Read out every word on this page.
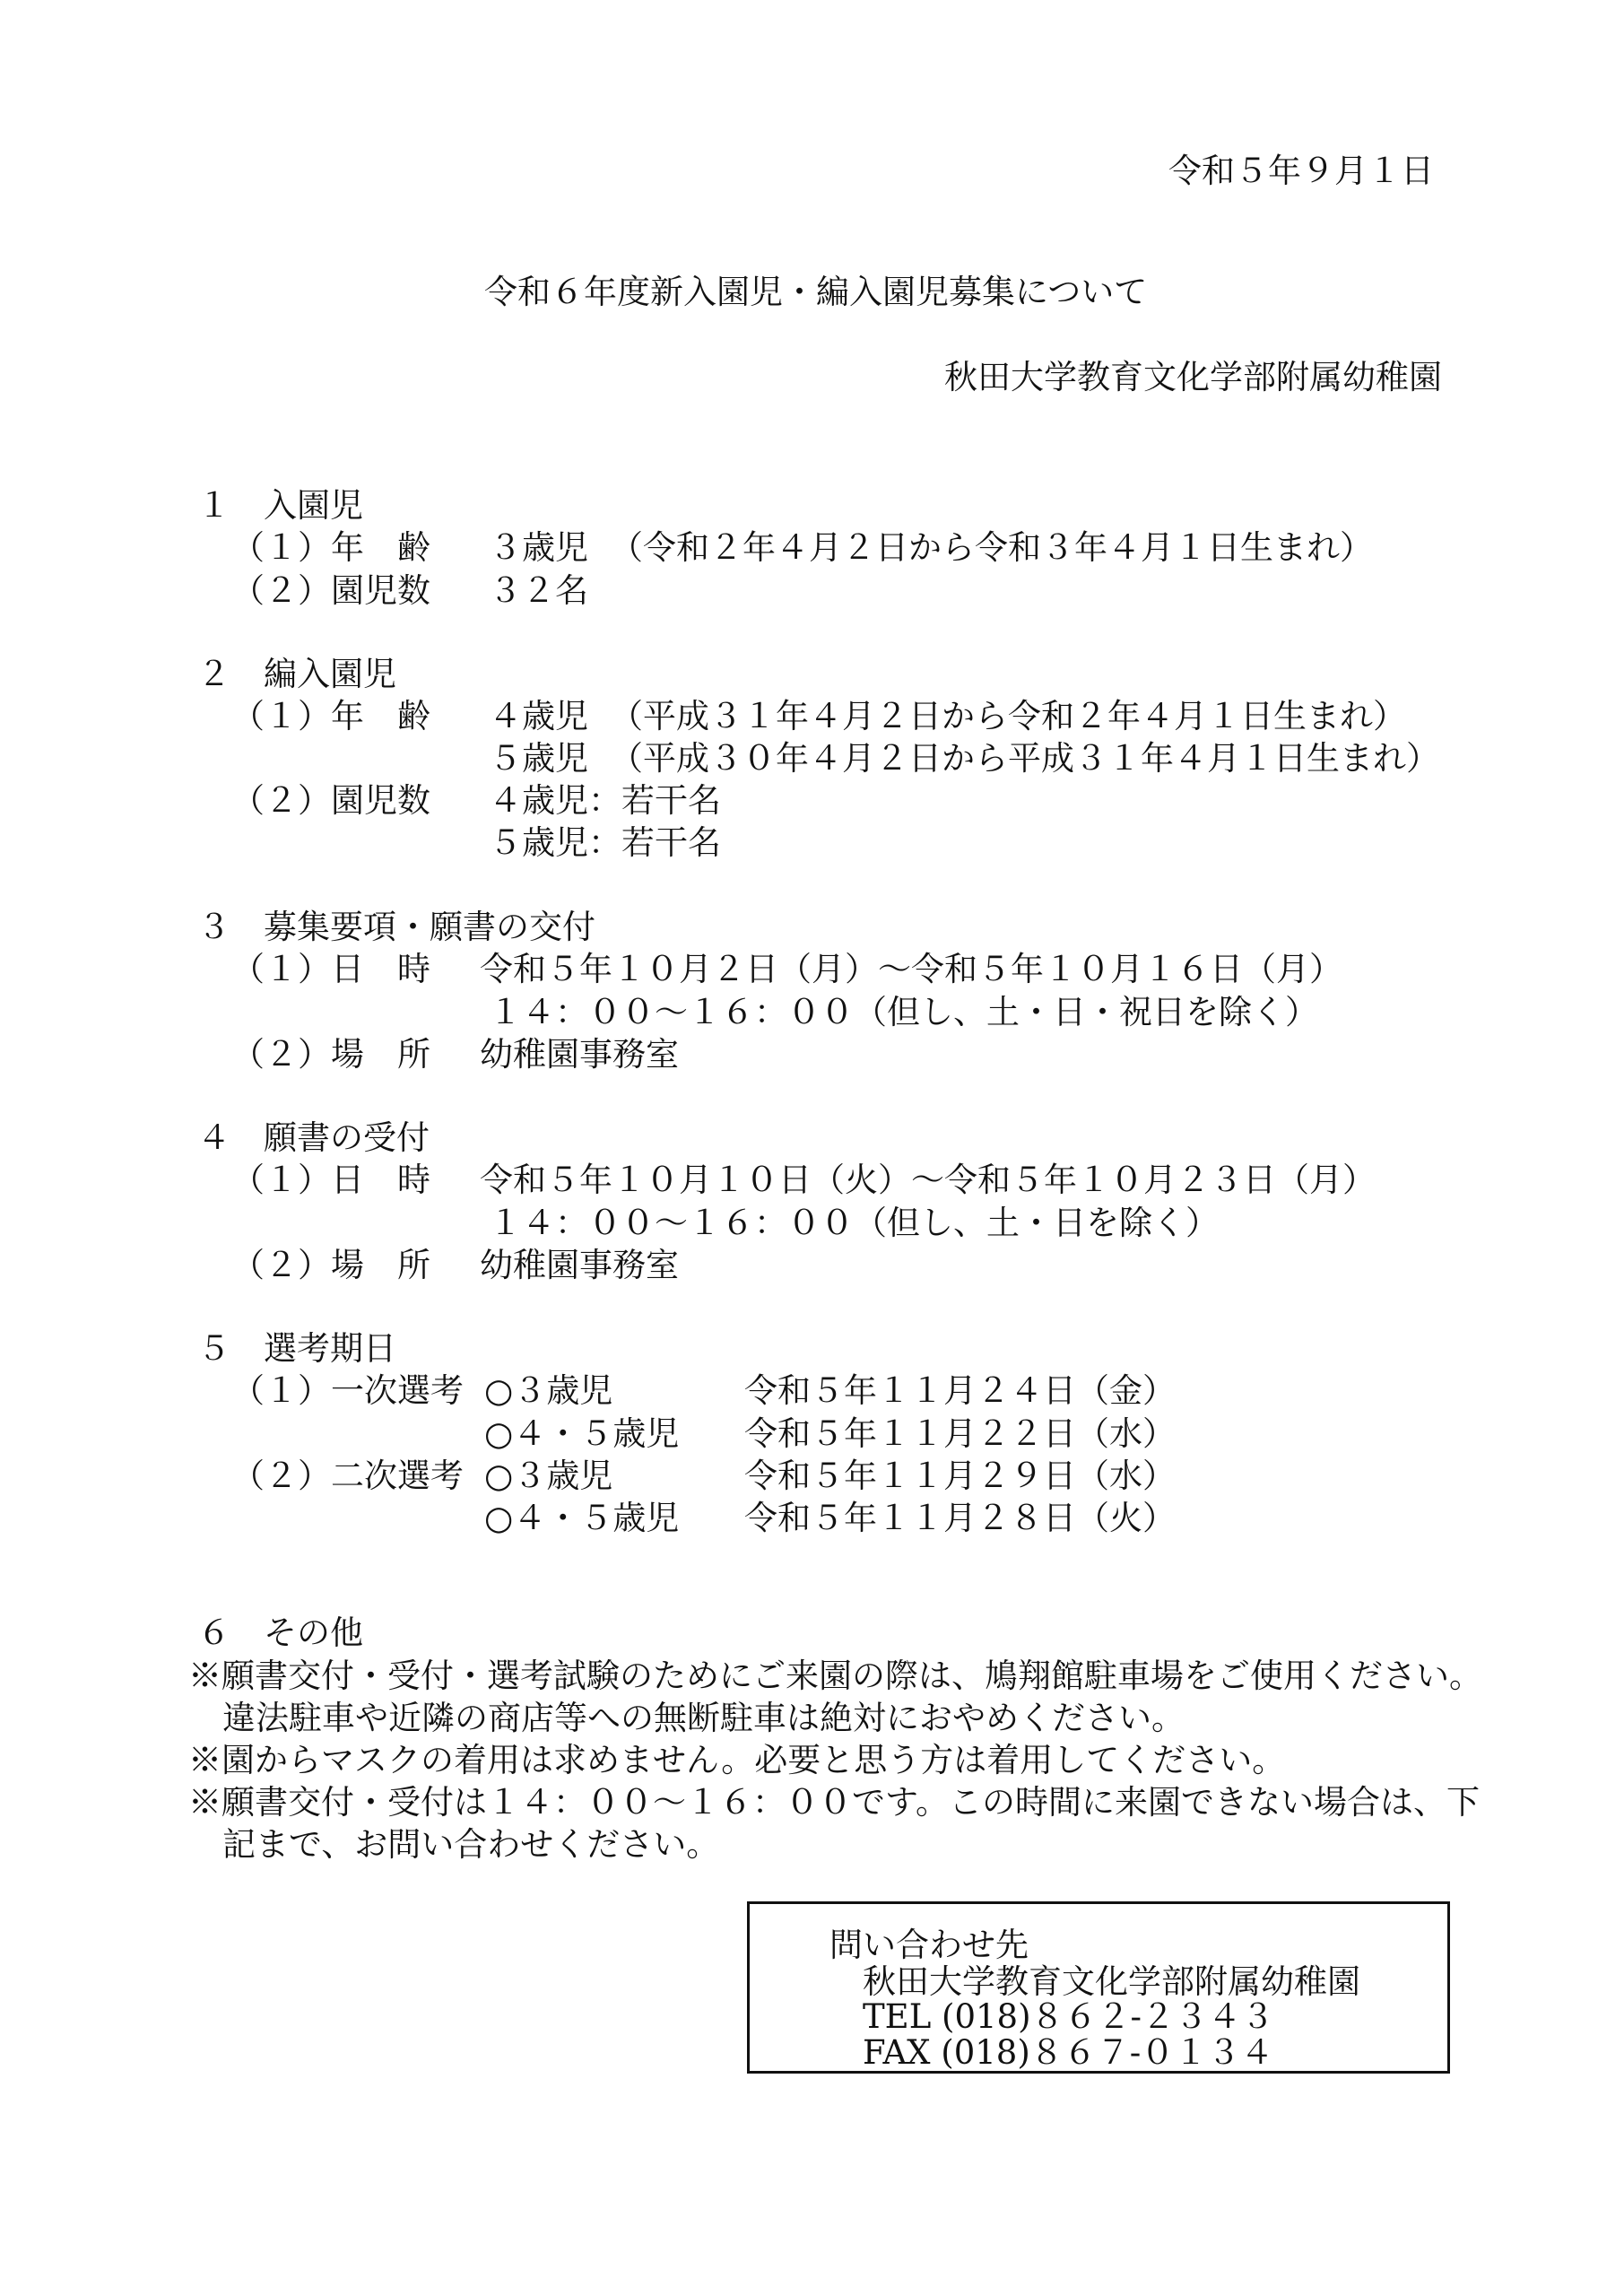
令和５年９月１日
令和６年度新入園児・編入園児募集について
秋田大学教育文化学部附属幼稚園
１　入園児
（１）年　齢 ３歳児 （令和２年４月２日から令和３年４月１日生まれ）
（２）園児数 ３２名
２　編入園児
（１）年　齢 ４歳児 （平成３１年４月２日から令和２年４月１日生まれ）
５歳児 （平成３０年４月２日から平成３１年４月１日生まれ）
（２）園児数 ４歳児：若干名
５歳児：若干名
３　募集要項・願書の交付
（１）日　時 令和５年１０月２日（月）～令和５年１０月１６日（月）
１４：００～１６：００（但し、土・日・祝日を除く）
（２）場　所 幼稚園事務室
４　願書の受付
（１）日　時 令和５年１０月１０日（火）～令和５年１０月２３日（月）
１４：００～１６：００（但し、土・日を除く）
（２）場　所 幼稚園事務室
５　選考期日
（１）一次選考 ○３歳児	令和５年１１月２４日（金）
○４・５歳児 令和５年１１月２２日（水）
（２）二次選考 ○３歳児	令和５年１１月２９日（水）
○４・５歳児 令和５年１１月２８日（火）
６　その他
※願書交付・受付・選考試験のためにご来園の際は、鳩翔館駐車場をご使用ください。
違法駐車や近隣の商店等への無断駐車は絶対におやめください。
※園からマスクの着用は求めません。必要と思う方は着用してください。
※願書交付・受付は１４：００～１６：００です。この時間に来園できない場合は、下
記まで、お問い合わせください。
問い合わせ先
秋田大学教育文化学部附属幼稚園
TEL (018)８６２-２３４３
FAX (018)８６７-０１３４
